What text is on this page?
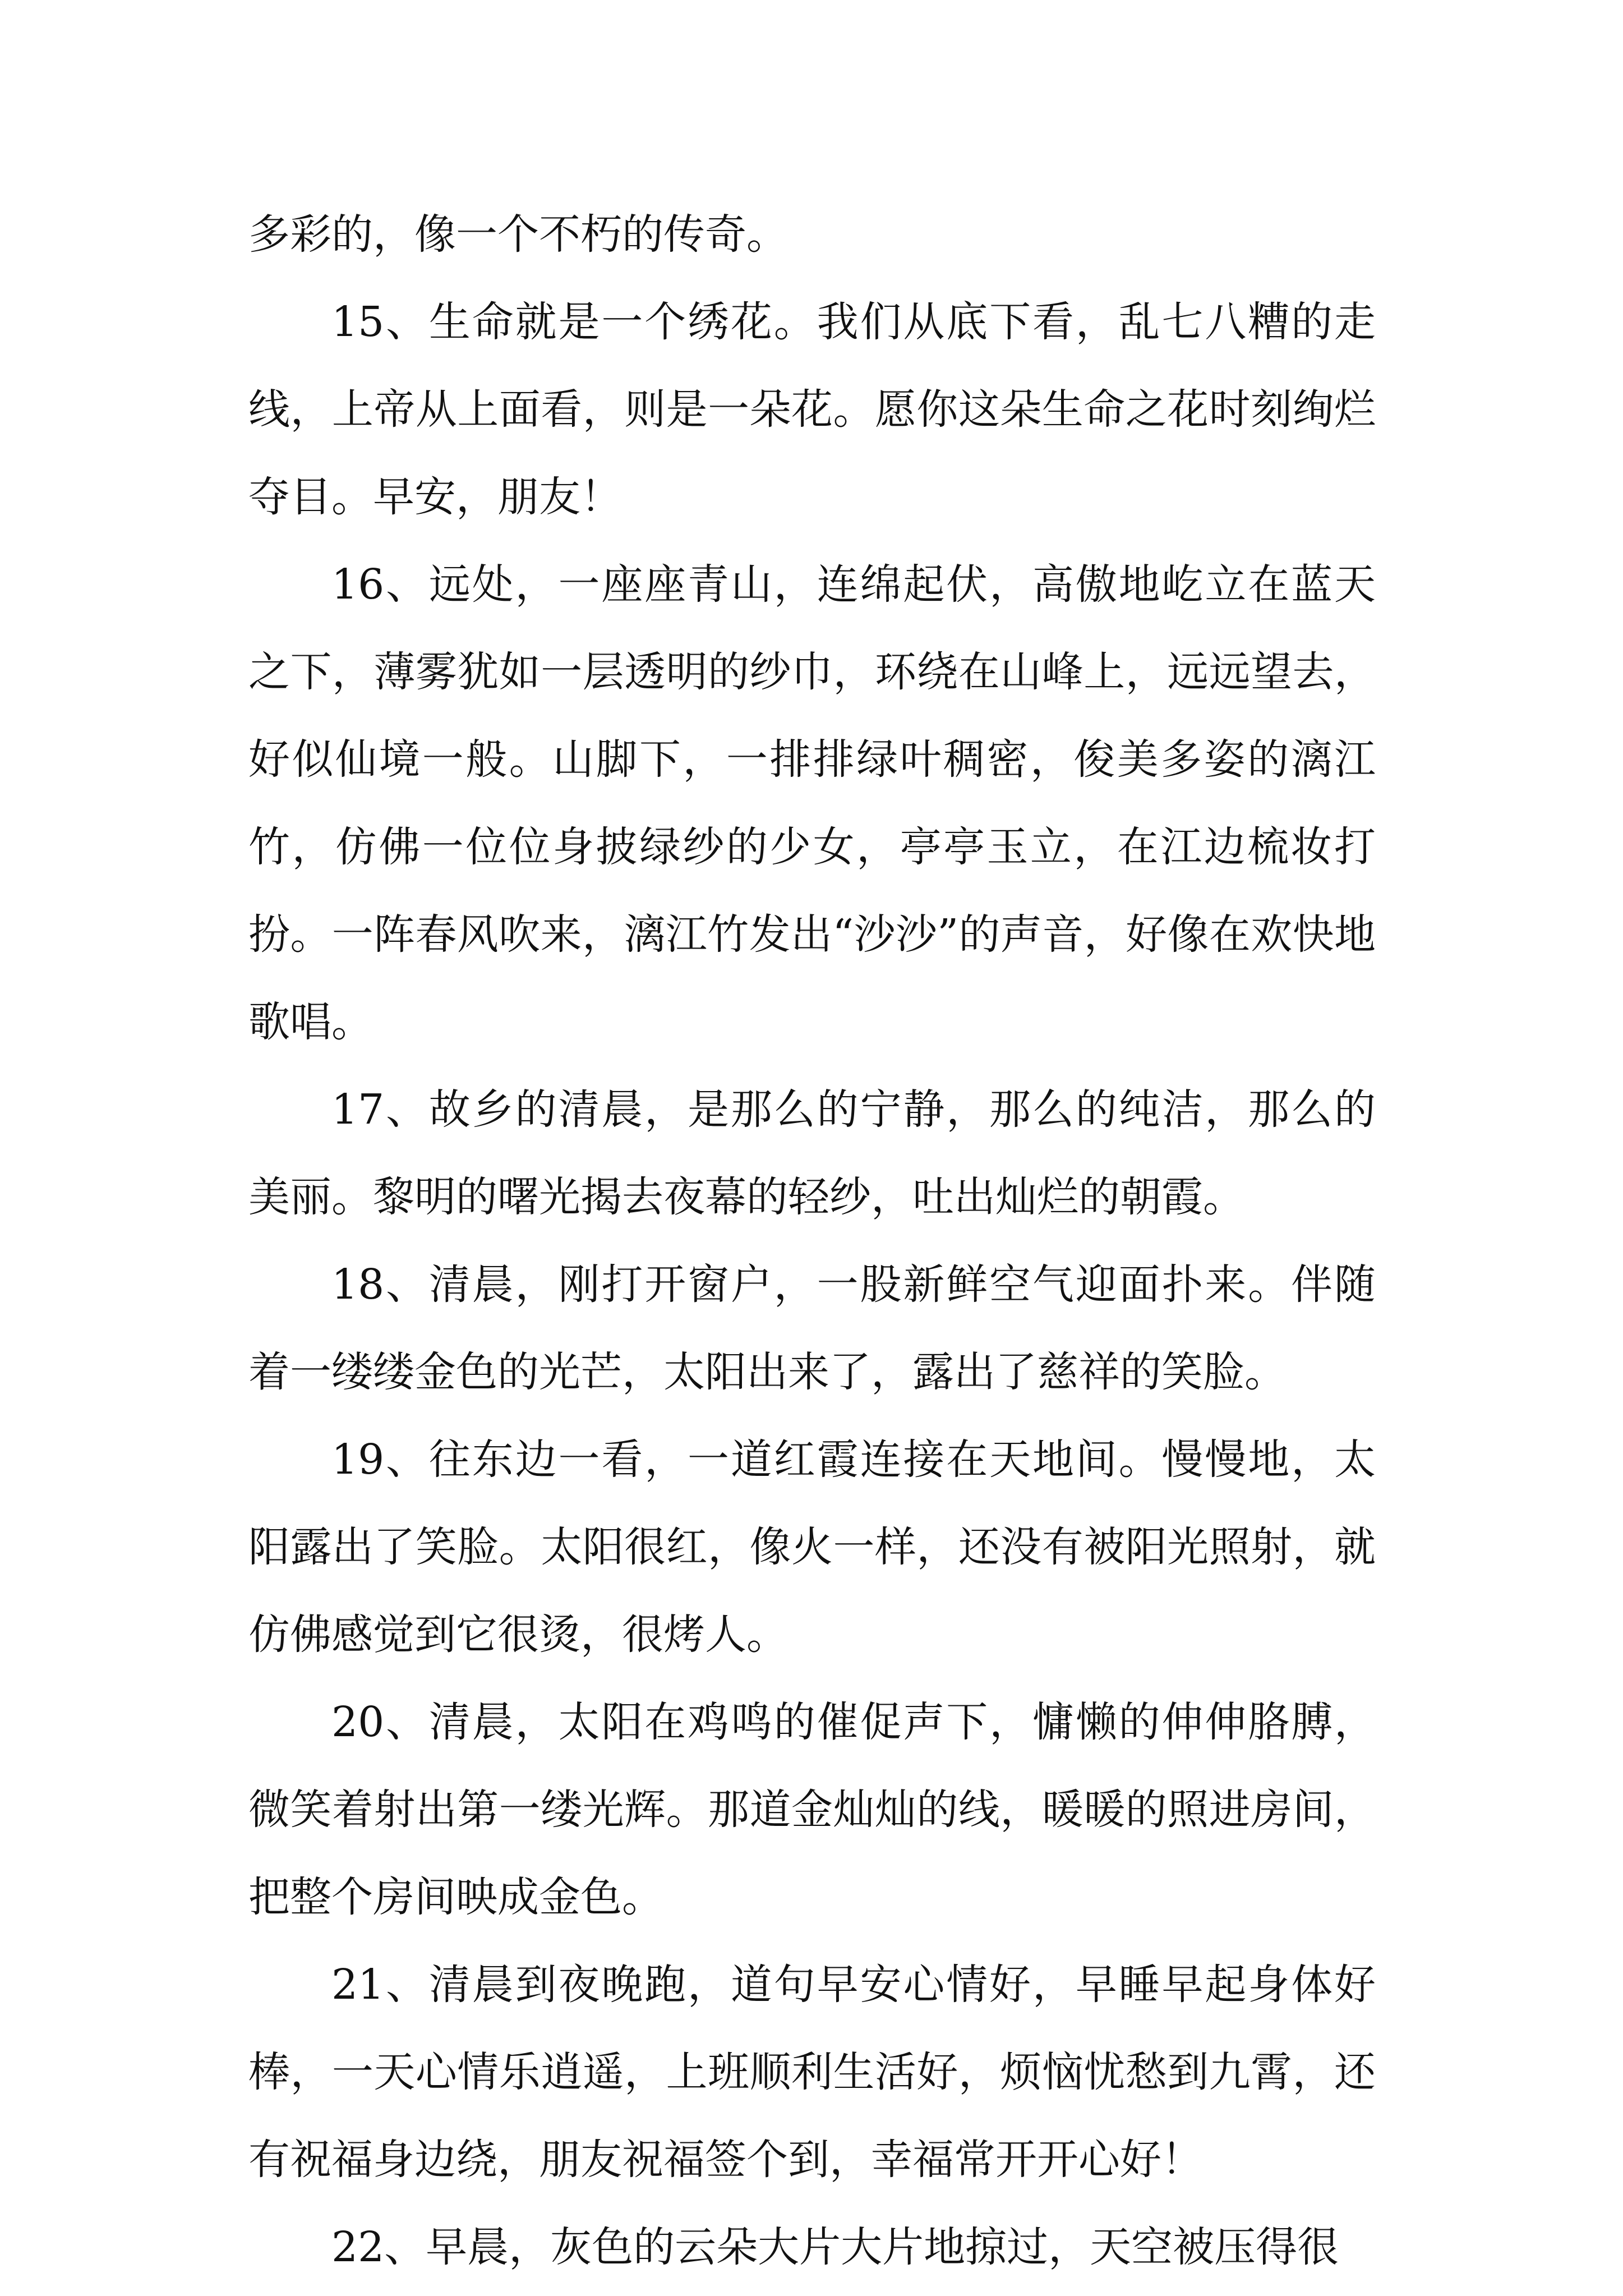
多彩的，像一个不朽的传奇。

15、生命就是一个绣花。我们从底下看，乱七八糟的走线，上帝从上面看，则是一朵花。愿你这朵生命之花时刻绚烂夺目。早安，朋友！

16、远处，一座座青山，连绵起伏，高傲地屹立在蓝天之下，薄雾犹如一层透明的纱巾，环绕在山峰上，远远望去，好似仙境一般。山脚下，一排排绿叶稠密，俊美多姿的漓江竹，仿佛一位位身披绿纱的少女，亭亭玉立，在江边梳妆打扮。一阵春风吹来，漓江竹发出“沙沙”的声音，好像在欢快地歌唱。

17、故乡的清晨，是那么的宁静，那么的纯洁，那么的美丽。黎明的曙光揭去夜幕的轻纱，吐出灿烂的朝霞。

18、清晨，刚打开窗户，一股新鲜空气迎面扑来。伴随着一缕缕金色的光芒，太阳出来了，露出了慈祥的笑脸。

19、往东边一看，一道红霞连接在天地间。慢慢地，太阳露出了笑脸。太阳很红，像火一样，还没有被阳光照射，就仿佛感觉到它很烫，很烤人。

20、清晨，太阳在鸡鸣的催促声下，慵懒的伸伸胳膊，微笑着射出第一缕光辉。那道金灿灿的线，暖暖的照进房间，把整个房间映成金色。

21、清晨到夜晚跑，道句早安心情好，早睡早起身体好棒，一天心情乐逍遥，上班顺利生活好，烦恼忧愁到九霄，还有祝福身边绕，朋友祝福签个到，幸福常开开心好！

22、早晨，灰色的云朵大片大片地掠过，天空被压得很
